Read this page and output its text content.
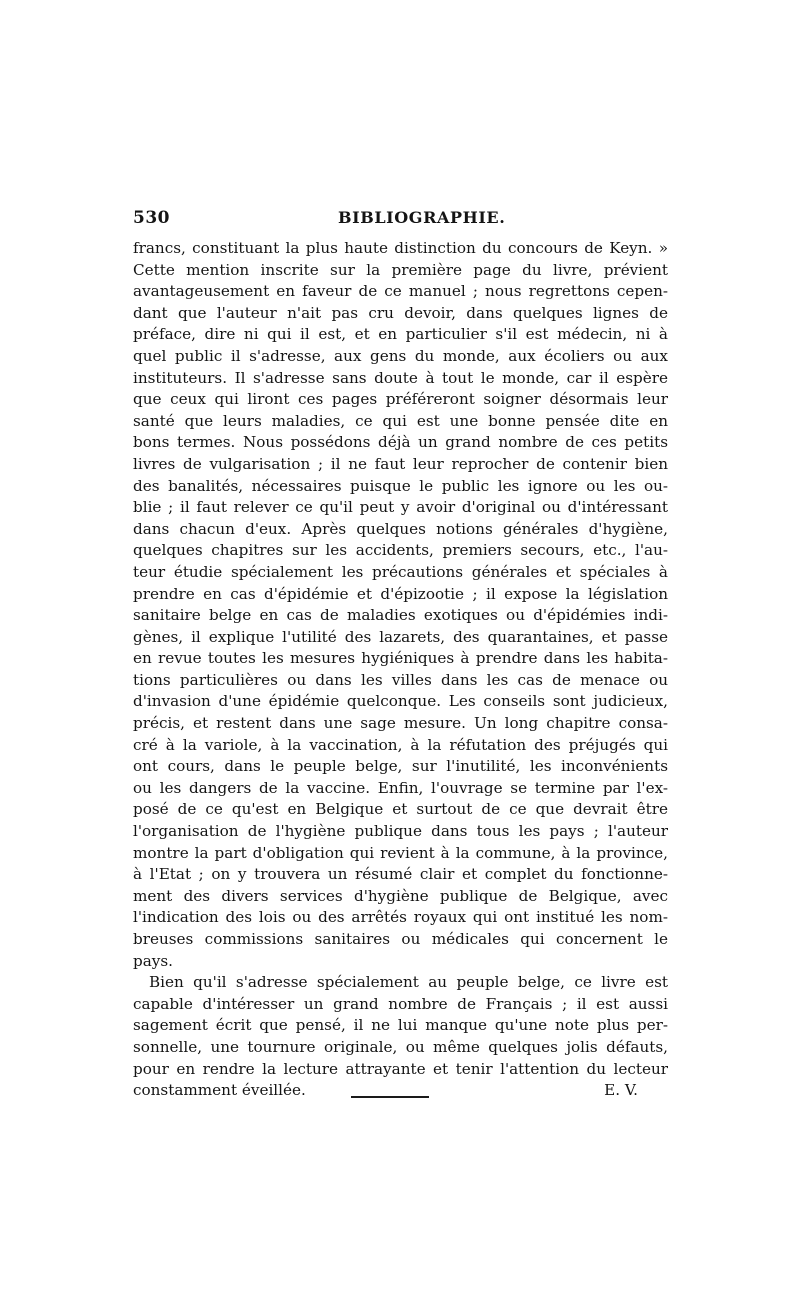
530	BIBLIOGRAPHIE.
francs, constituant la plus haute distinction du concours de Keyn. »
Cette mention inscrite sur la première page du livre, prévient
avantageusement en faveur de ce manuel ; nous regrettons cepen-
dant que l'auteur n'ait pas cru devoir, dans quelques lignes de
préface, dire ni qui il est, et en particulier s'il est médecin, ni à
quel public il s'adresse, aux gens du monde, aux écoliers ou aux
instituteurs. Il s'adresse sans doute à tout le monde, car il espère
que ceux qui liront ces pages préféreront soigner désormais leur
santé que leurs maladies, ce qui est une bonne pensée dite en
bons termes. Nous possédons déjà un grand nombre de ces petits
livres de vulgarisation ; il ne faut leur reprocher de contenir bien
des banalités, nécessaires puisque le public les ignore ou les ou-
blie ; il faut relever ce qu'il peut y avoir d'original ou d'intéressant
dans chacun d'eux. Après quelques notions générales d'hygiène,
quelques chapitres sur les accidents, premiers secours, etc., l'au-
teur étudie spécialement les précautions générales et spéciales à
prendre en cas d'épidémie et d'épizootie ; il expose la législation
sanitaire belge en cas de maladies exotiques ou d'épidémies indi-
gènes, il explique l'utilité des lazarets, des quarantaines, et passe
en revue toutes les mesures hygiéniques à prendre dans les habita-
tions particulières ou dans les villes dans les cas de menace ou
d'invasion d'une épidémie quelconque. Les conseils sont judicieux,
précis, et restent dans une sage mesure. Un long chapitre consa-
cré à la variole, à la vaccination, à la réfutation des préjugés qui
ont cours, dans le peuple belge, sur l'inutilité, les inconvénients
ou les dangers de la vaccine. Enfin, l'ouvrage se termine par l'ex-
posé de ce qu'est en Belgique et surtout de ce que devrait être
l'organisation de l'hygiène publique dans tous les pays ; l'auteur
montre la part d'obligation qui revient à la commune, à la province,
à l'Etat ; on y trouvera un résumé clair et complet du fonctionne-
ment des divers services d'hygiène publique de Belgique, avec
l'indication des lois ou des arrêtés royaux qui ont institué les nom-
breuses commissions sanitaires ou médicales qui concernent le
pays.
Bien qu'il s'adresse spécialement au peuple belge, ce livre est
capable d'intéresser un grand nombre de Français ; il est aussi
sagement écrit que pensé, il ne lui manque qu'une note plus per-
sonnelle, une tournure originale, ou même quelques jolis défauts,
pour en rendre la lecture attrayante et tenir l'attention du lecteur
constamment éveillée.	E. V.
